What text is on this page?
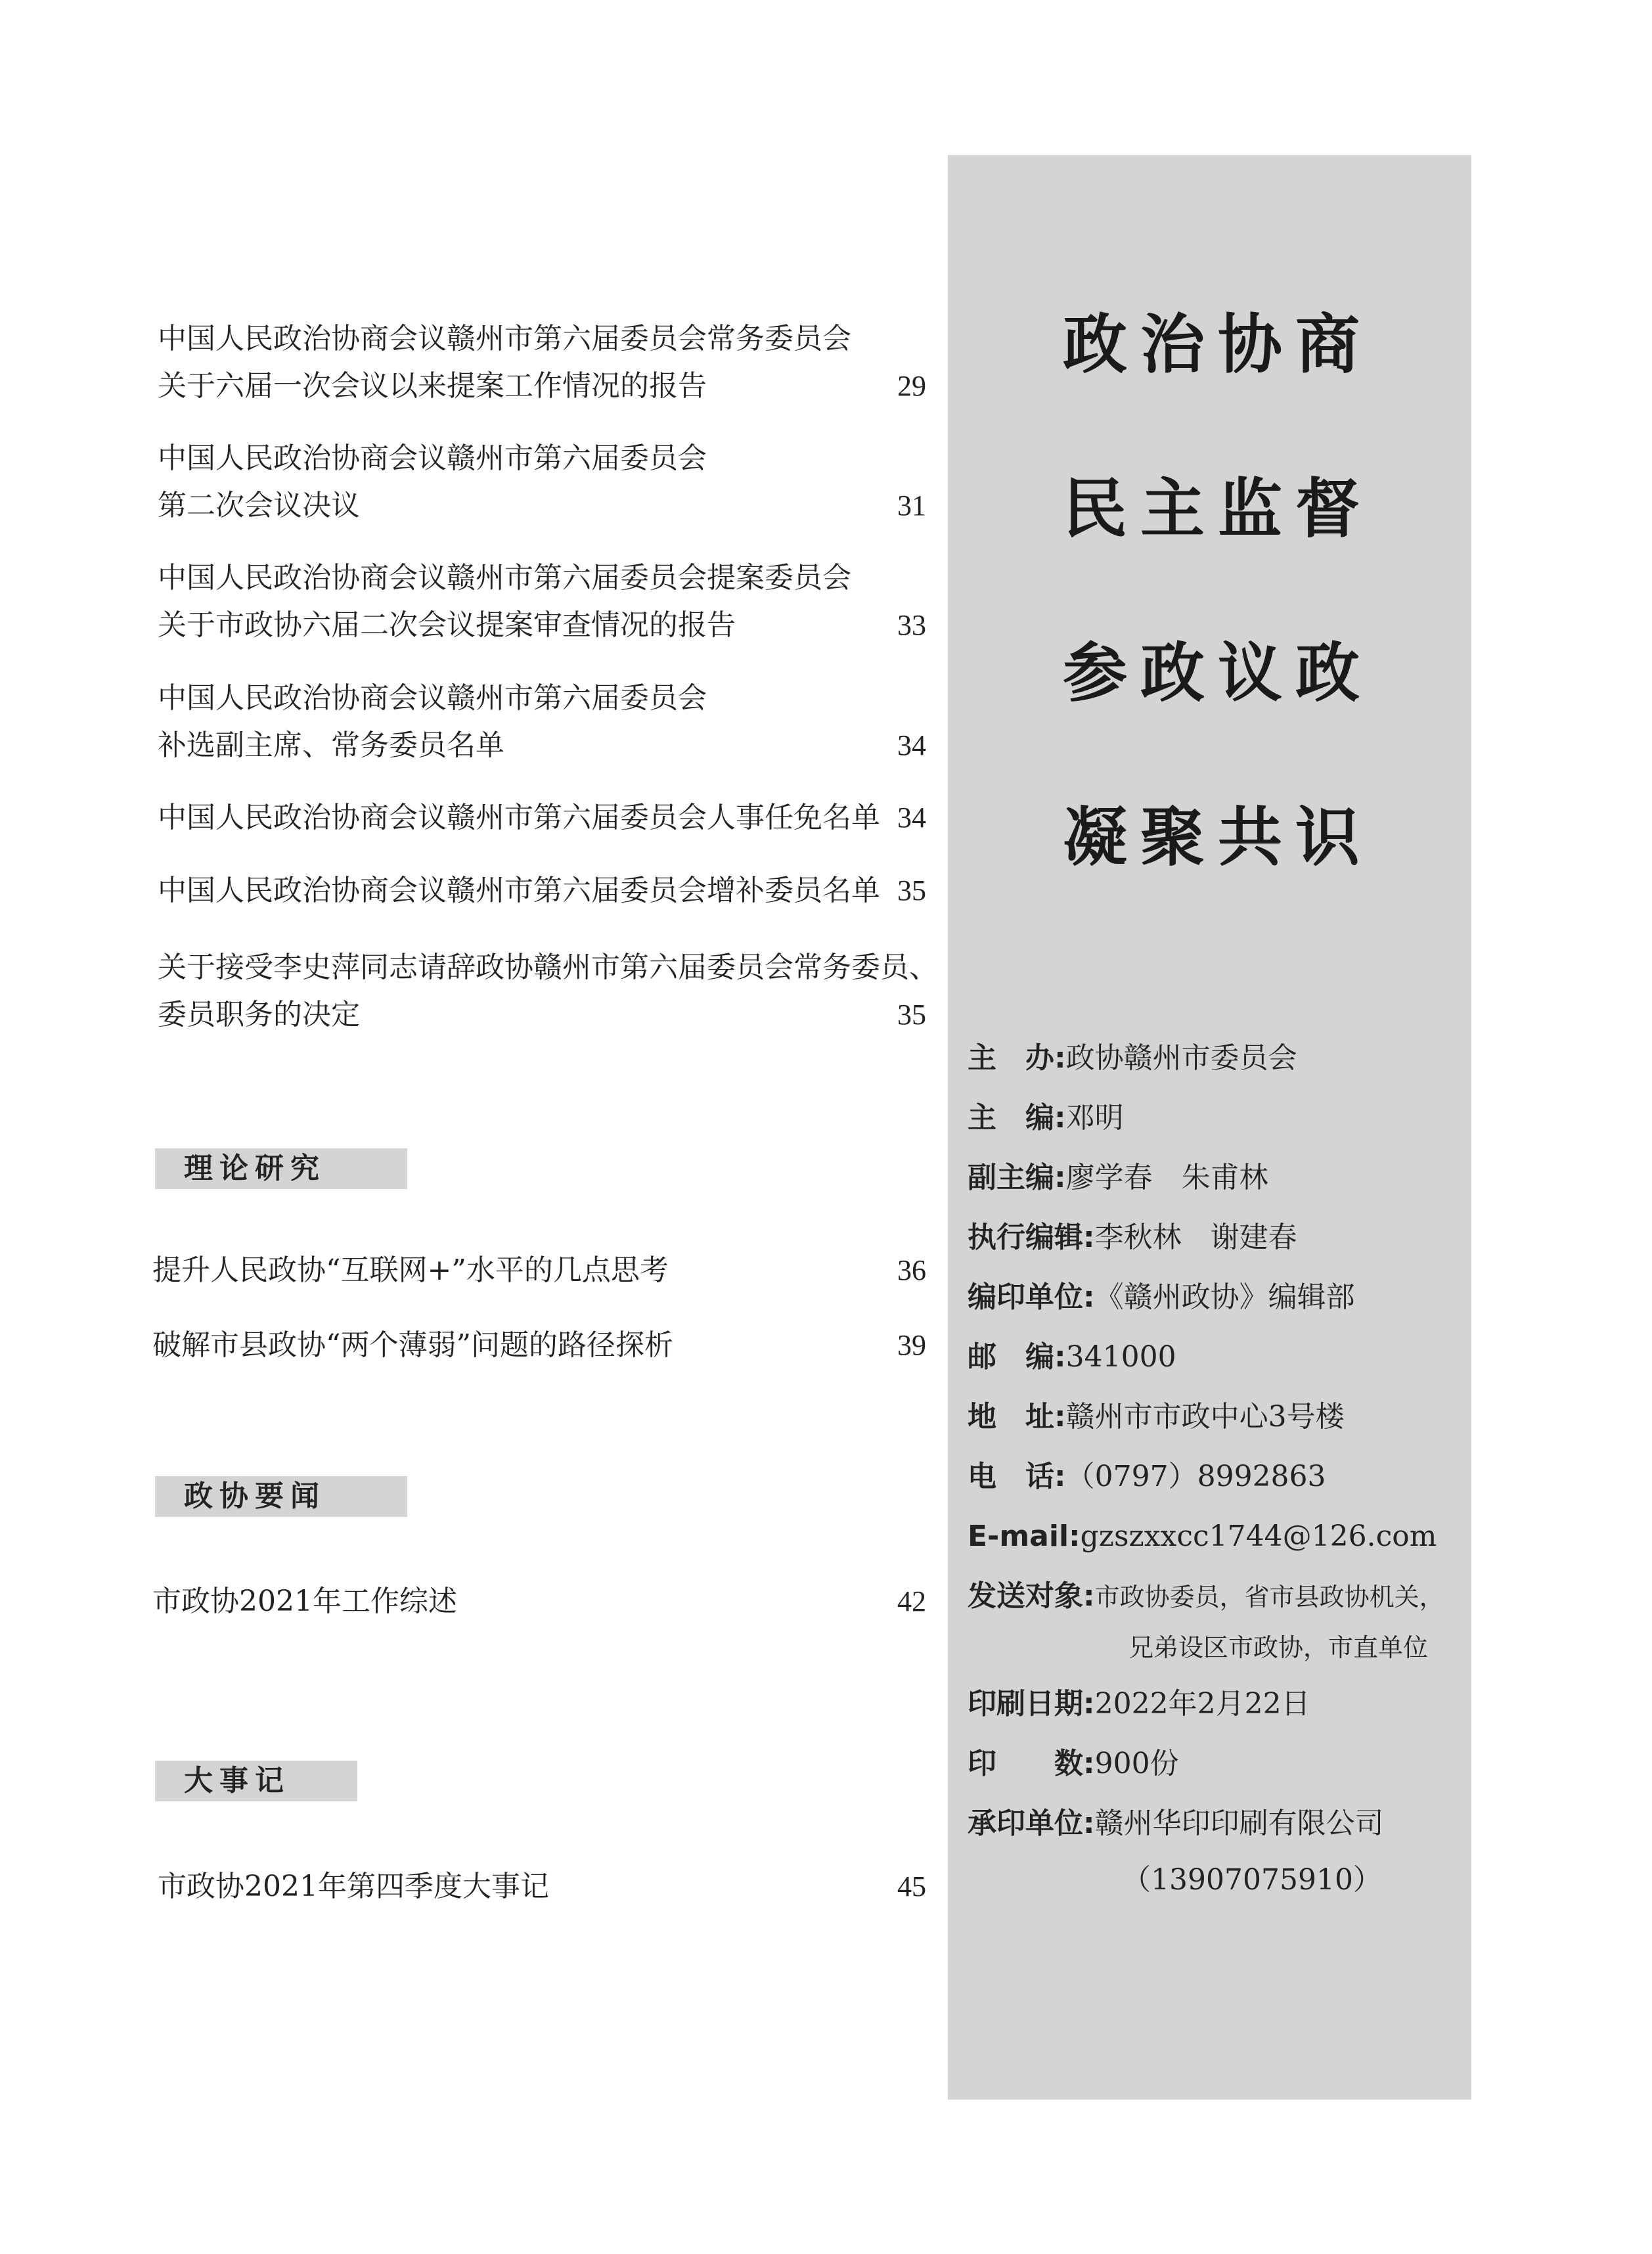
中国人民政治协商会议赣州市第六届委员会常务委员会
关于六届一次会议以来提案工作情况的报告	29
中国人民政治协商会议赣州市第六届委员会
第二次会议决议	31
中国人民政治协商会议赣州市第六届委员会提案委员会
关于市政协六届二次会议提案审查情况的报告	33
中国人民政治协商会议赣州市第六届委员会
补选副主席、常务委员名单	34
中国人民政治协商会议赣州市第六届委员会人事任免名单 34
中国人民政治协商会议赣州市第六届委员会增补委员名单 35
关于接受李史萍同志请辞政协赣州市第六届委员会常务委员、
委员职务的决定	35
理论研究
提升人民政协“互联网+”水平的几点思考	36
破解市县政协“两个薄弱”问题的路径探析	39
政协要闻
市政协2021年工作综述	42
大事记
市政协2021年第四季度大事记	45
政治协商
民主监督
参政议政
凝聚共识
主　办:政协赣州市委员会
主　编:邓明
副主编:廖学春　朱甫林
执行编辑:李秋林　谢建春
编印单位:《赣州政协》编辑部
邮　编:341000
地　址:赣州市市政中心3号楼
电　话:（0797）8992863
E-mail:gzszxxcc1744@126.com
发送对象:市政协委员，省市县政协机关，
兄弟设区市政协，市直单位
印刷日期:2022年2月22日
印　　数:900份
承印单位:赣州华印印刷有限公司
（13907075910）
